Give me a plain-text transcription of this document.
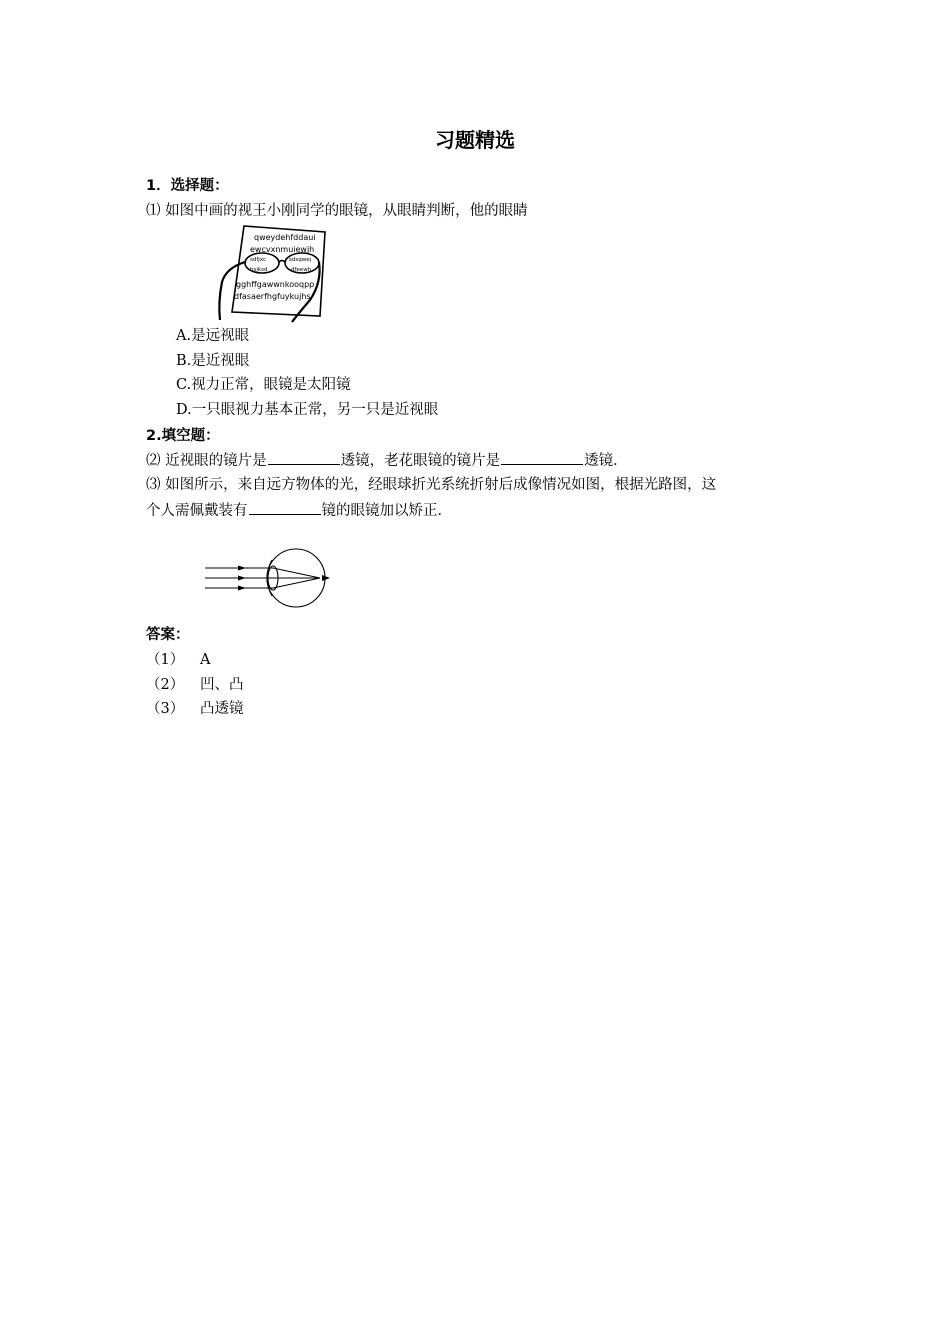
习题精选
1．选择题：
⑴ 如图中画的视王小刚同学的眼镜，从眼睛判断，他的眼睛
qweydehfddaui
ewcvxnmuiewjh
sdfjxc	sdsqwej
hsjksd	dfeewh
gghffgawwnkooqpp
dfasaerfhgfuykujhs
A.是远视眼
B.是近视眼
C.视力正常，眼镜是太阳镜
D.一只眼视力基本正常，另一只是近视眼
2.填空题：
⑵ 近视眼的镜片是	透镜，老花眼镜的镜片是	透镜．
⑶ 如图所示，来自远方物体的光，经眼球折光系统折射后成像情况如图，根据光路图，这
个人需佩戴装有	镜的眼镜加以矫正．
答案：
（1） A
（2） 凹、凸
（3） 凸透镜
